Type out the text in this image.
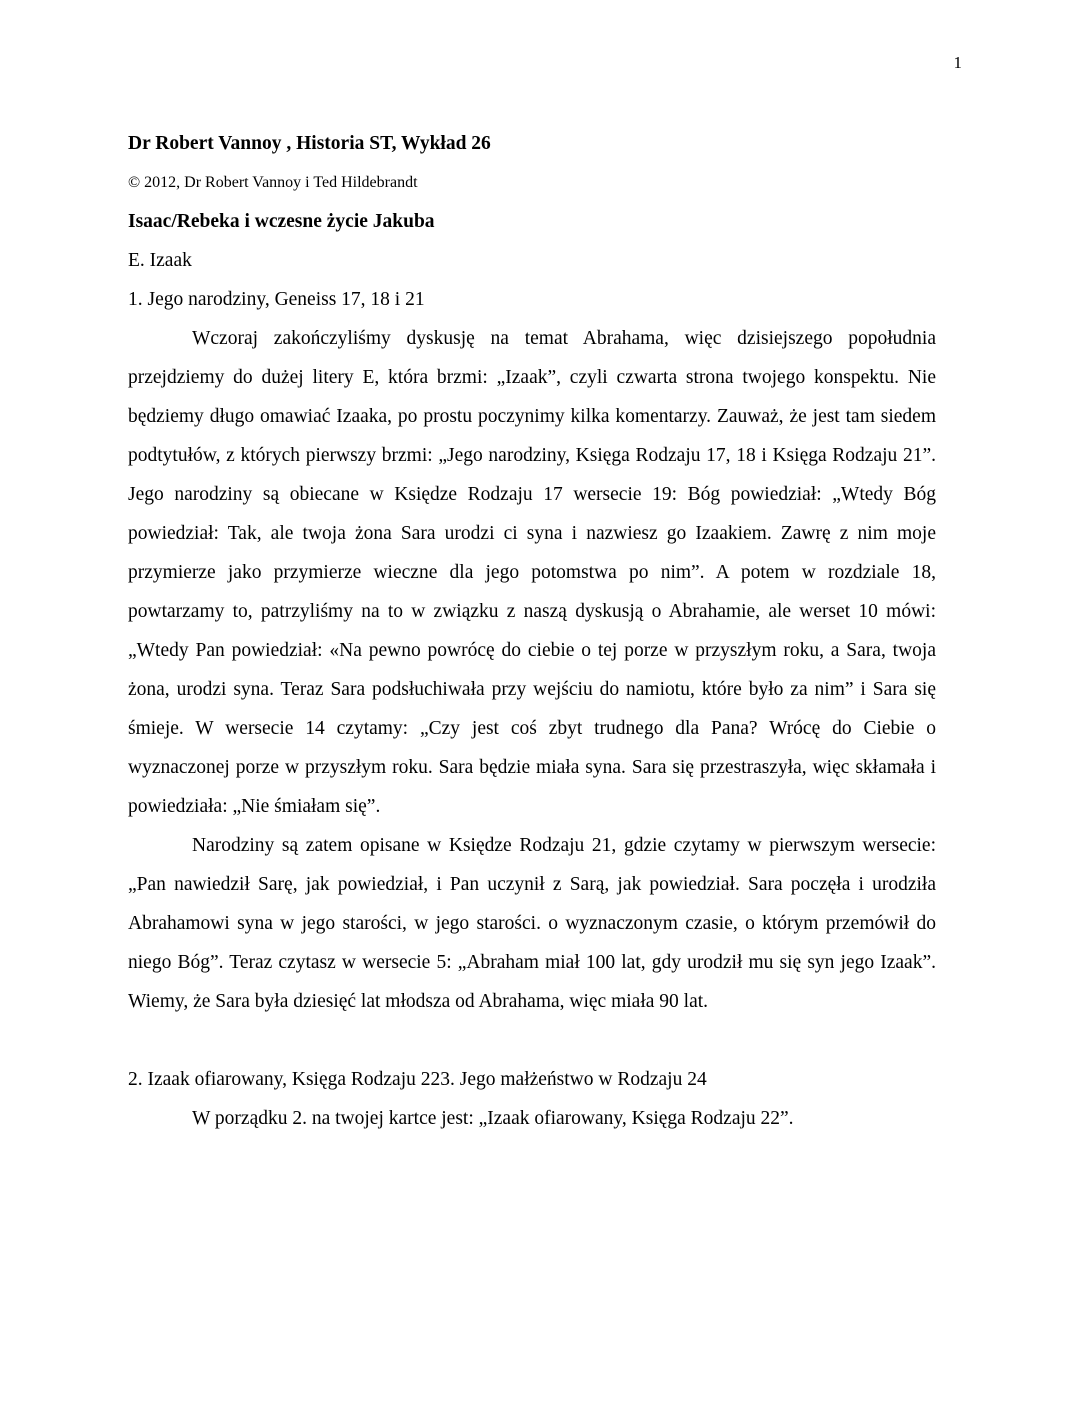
1

Dr Robert Vannoy , Historia ST, Wykład 26

© 2012, Dr Robert Vannoy i Ted Hildebrandt

Isaac/Rebeka i wczesne życie Jakuba

E. Izaak

1. Jego narodziny, Geneiss 17, 18 i 21

Wczoraj zakończyliśmy dyskusję na temat Abrahama, więc dzisiejszego popołudnia przejdziemy do dużej litery E, która brzmi: „Izaak”, czyli czwarta strona twojego konspektu. Nie będziemy długo omawiać Izaaka, po prostu poczynimy kilka komentarzy. Zauważ, że jest tam siedem podtytułów, z których pierwszy brzmi: „Jego narodziny, Księga Rodzaju 17, 18 i Księga Rodzaju 21”. Jego narodziny są obiecane w Księdze Rodzaju 17 wersecie 19: Bóg powiedział: „Wtedy Bóg powiedział: Tak, ale twoja żona Sara urodzi ci syna i nazwiesz go Izaakiem. Zawrę z nim moje przymierze jako przymierze wieczne dla jego potomstwa po nim”. A potem w rozdziale 18, powtarzamy to, patrzyliśmy na to w związku z naszą dyskusją o Abrahamie, ale werset 10 mówi: „Wtedy Pan powiedział: «Na pewno powrócę do ciebie o tej porze w przyszłym roku, a Sara, twoja żona, urodzi syna. Teraz Sara podsłuchiwała przy wejściu do namiotu, które było za nim” i Sara się śmieje. W wersecie 14 czytamy: „Czy jest coś zbyt trudnego dla Pana? Wrócę do Ciebie o wyznaczonej porze w przyszłym roku. Sara będzie miała syna. Sara się przestraszyła, więc skłamała i powiedziała: „Nie śmiałam się”.

Narodziny są zatem opisane w Księdze Rodzaju 21, gdzie czytamy w pierwszym wersecie: „Pan nawiedził Sarę, jak powiedział, i Pan uczynił z Sarą, jak powiedział. Sara poczęła i urodziła Abrahamowi syna w jego starości, w jego starości. o wyznaczonym czasie, o którym przemówił do niego Bóg”. Teraz czytasz w wersecie 5: „Abraham miał 100 lat, gdy urodził mu się syn jego Izaak”. Wiemy, że Sara była dziesięć lat młodsza od Abrahama, więc miała 90 lat.

2. Izaak ofiarowany, Księga Rodzaju 223. Jego małżeństwo w Rodzaju 24

W porządku 2. na twojej kartce jest: „Izaak ofiarowany, Księga Rodzaju 22”.
